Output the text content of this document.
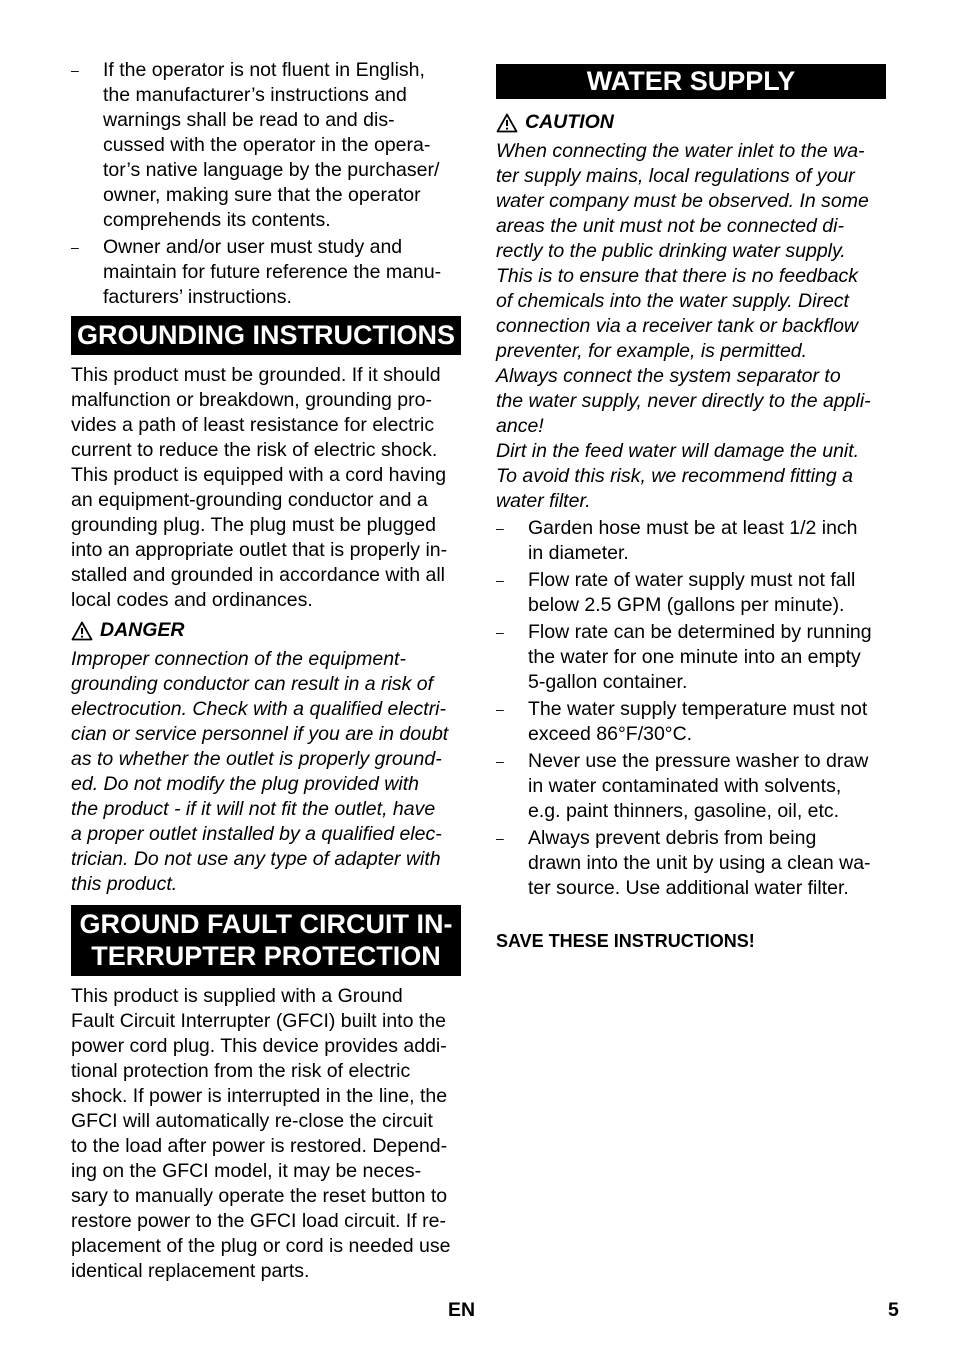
– If the operator is not fluent in English,
the manufacturer’s instructions and
warnings shall be read to and dis-
cussed with the operator in the opera-
tor’s native language by the purchaser/
owner, making sure that the operator
comprehends its contents.
– Owner and/or user must study and
maintain for future reference the manu-
facturers’ instructions.
GROUNDING INSTRUCTIONS

This product must be grounded. If it should
malfunction or breakdown, grounding pro-
vides a path of least resistance for electric
current to reduce the risk of electric shock.
This product is equipped with a cord having
an equipment-grounding conductor and a
grounding plug. The plug must be plugged
into an appropriate outlet that is properly in-
stalled and grounded in accordance with all
local codes and ordinances.

DANGER

Improper connection of the equipment-
grounding conductor can result in a risk of
electrocution. Check with a qualified electri-
cian or service personnel if you are in doubt
as to whether the outlet is properly ground-
ed. Do not modify the plug provided with
the product - if it will not fit the outlet, have
a proper outlet installed by a qualified elec-
trician. Do not use any type of adapter with
this product.

GROUND FAULT CIRCUIT IN-
TERRUPTER PROTECTION

This product is supplied with a Ground
Fault Circuit Interrupter (GFCI) built into the
power cord plug. This device provides addi-
tional protection from the risk of electric
shock. If power is interrupted in the line, the
GFCI will automatically re-close the circuit
to the load after power is restored. Depend-
ing on the GFCI model, it may be neces-
sary to manually operate the reset button to
restore power to the GFCI load circuit. If re-
placement of the plug or cord is needed use
identical replacement parts.

WATER SUPPLY
CAUTION

When connecting the water inlet to the wa-
ter supply mains, local regulations of your
water company must be observed. In some
areas the unit must not be connected di-
rectly to the public drinking water supply.
This is to ensure that there is no feedback
of chemicals into the water supply. Direct
connection via a receiver tank or backflow
preventer, for example, is permitted.
Always connect the system separator to
the water supply, never directly to the appli-
ance!
Dirt in the feed water will damage the unit.
To avoid this risk, we recommend fitting a
water filter.

– Garden hose must be at least 1/2 inch
in diameter.
– Flow rate of water supply must not fall
below 2.5 GPM (gallons per minute).
– Flow rate can be determined by running
the water for one minute into an empty
5-gallon container.
– The water supply temperature must not
exceed 86°F/30°C.
– Never use the pressure washer to draw
in water contaminated with solvents,
e.g. paint thinners, gasoline, oil, etc.
– Always prevent debris from being
drawn into the unit by using a clean wa-
ter source. Use additional water filter.

SAVE THESE INSTRUCTIONS!

EN	5
